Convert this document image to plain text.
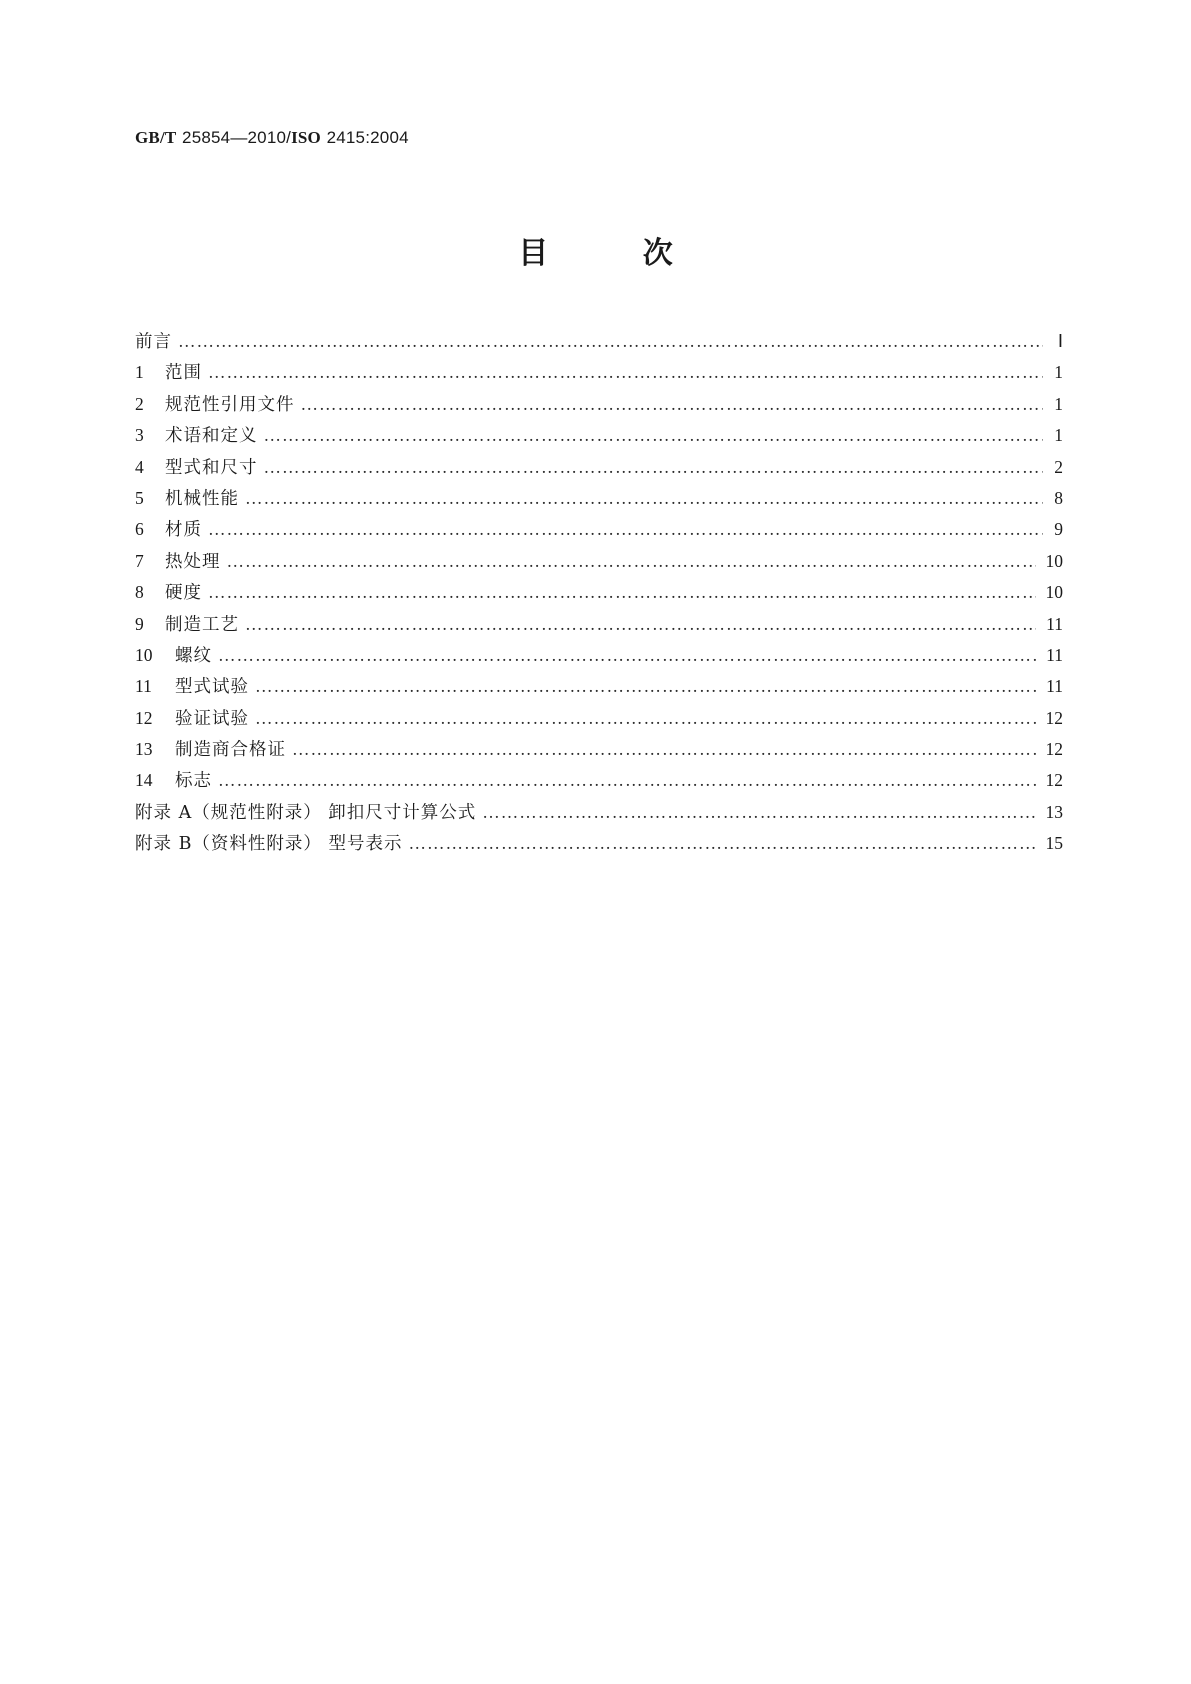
GB/T 25854—2010/ISO 2415:2004
目 次
前言 …………………………………………………………………………………………………………………………………………………………………………………………………………………………………………………………	Ⅰ
1 范围 …………………………………………………………………………………………………………………………………………………………………………………………………………………………………………………………	1
2 规范性引用文件 …………………………………………………………………………………………………………………………………………………………………………………………………………………………………………………………	1
3 术语和定义 …………………………………………………………………………………………………………………………………………………………………………………………………………………………………………………………	1
4 型式和尺寸 …………………………………………………………………………………………………………………………………………………………………………………………………………………………………………………………	2
5 机械性能 …………………………………………………………………………………………………………………………………………………………………………………………………………………………………………………………	8
6 材质 …………………………………………………………………………………………………………………………………………………………………………………………………………………………………………………………	9
7 热处理 …………………………………………………………………………………………………………………………………………………………………………………………………………………………………………………………	10
8 硬度 …………………………………………………………………………………………………………………………………………………………………………………………………………………………………………………………	10
9 制造工艺 …………………………………………………………………………………………………………………………………………………………………………………………………………………………………………………………	11
10 螺纹 …………………………………………………………………………………………………………………………………………………………………………………………………………………………………………………………	11
11 型式试验 …………………………………………………………………………………………………………………………………………………………………………………………………………………………………………………………	11
12 验证试验 …………………………………………………………………………………………………………………………………………………………………………………………………………………………………………………………	12
13 制造商合格证 …………………………………………………………………………………………………………………………………………………………………………………………………………………………………………………………	12
14 标志 …………………………………………………………………………………………………………………………………………………………………………………………………………………………………………………………	12
附录 A（规范性附录） 卸扣尺寸计算公式 …………………………………………………………………………………………………………………………………………………………………………………………………………………………………………………………	13
附录 B（资料性附录） 型号表示 …………………………………………………………………………………………………………………………………………………………………………………………………………………………………………………………	15
